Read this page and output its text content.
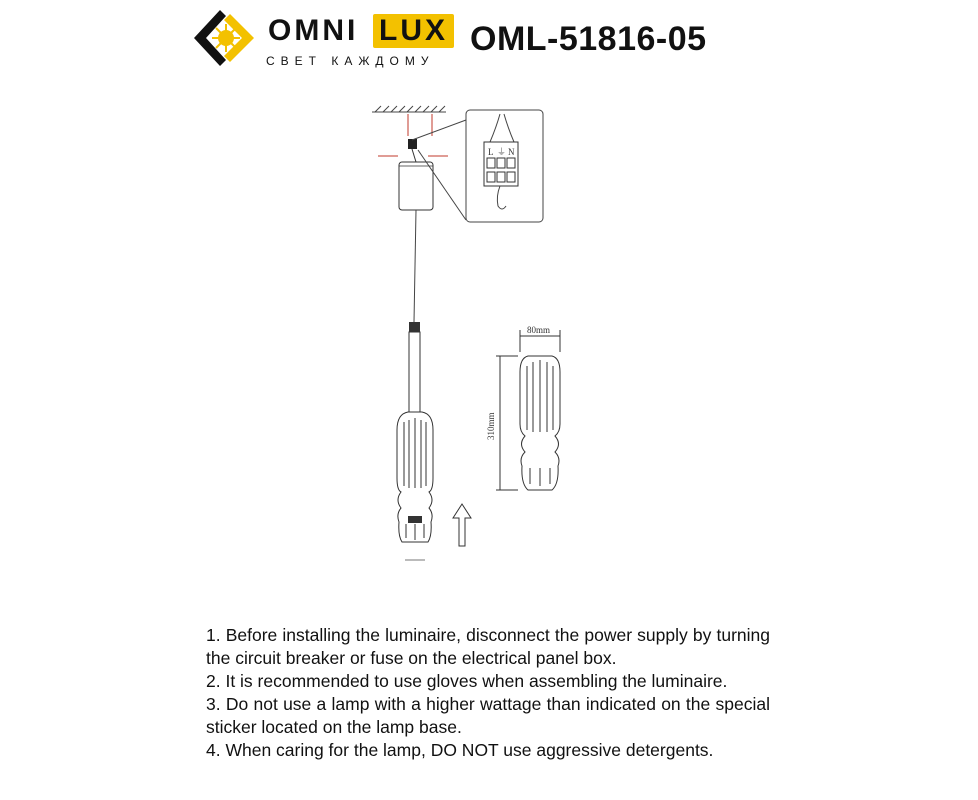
OMNI LUX
СВЕТ КАЖДОМУ
OML-51816-05
L ⏚ N
80mm
310mm
1. Before installing the luminaire, disconnect the power supply by turning the circuit breaker or fuse on the electrical panel box.
2. It is recommended to use gloves when assembling the luminaire.
3. Do not use a lamp with a higher wattage than indicated on the special sticker located on the lamp base.
4. When caring for the lamp, DO NOT use aggressive detergents.
